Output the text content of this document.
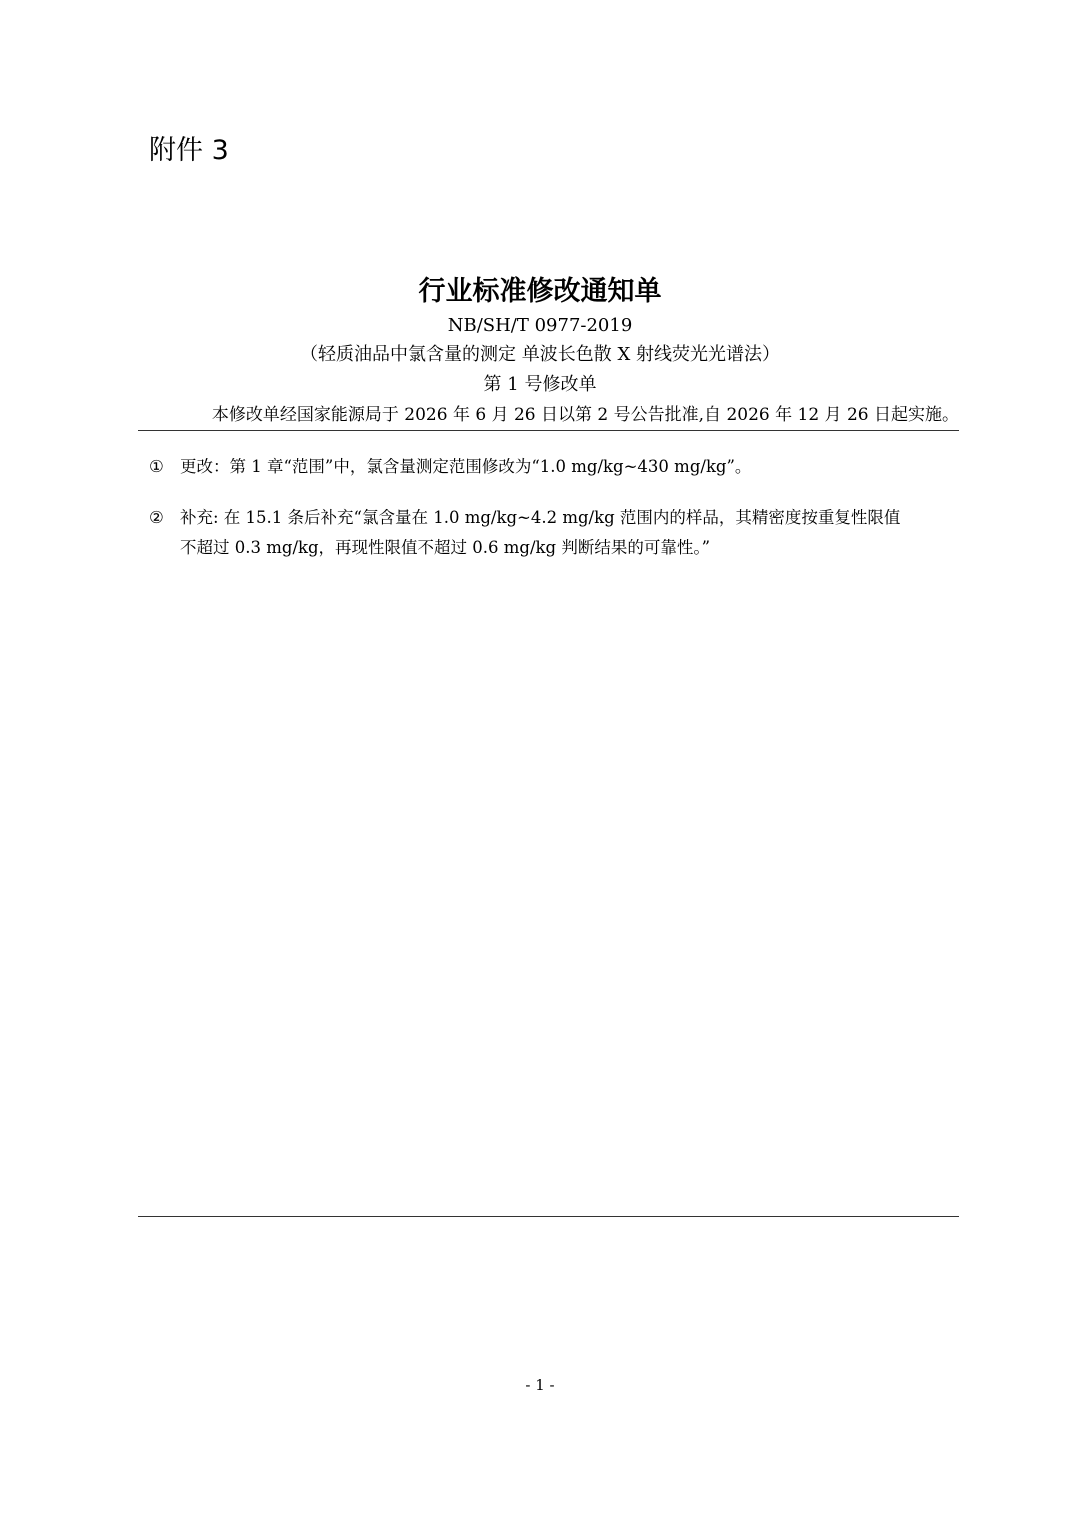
附件 3
行业标准修改通知单
NB/SH/T 0977-2019
（轻质油品中氯含量的测定 单波长色散 X 射线荧光光谱法）
第 1 号修改单
本修改单经国家能源局于 2026 年 6 月 26 日以第 2 号公告批准,自 2026 年 12 月 26 日起实施。
① 更改：第 1 章“范围”中，氯含量测定范围修改为“1.0 mg/kg~430 mg/kg”。
② 补充: 在 15.1 条后补充“氯含量在 1.0 mg/kg~4.2 mg/kg 范围内的样品，其精密度按重复性限值
不超过 0.3 mg/kg，再现性限值不超过 0.6 mg/kg 判断结果的可靠性。”
- 1 -
